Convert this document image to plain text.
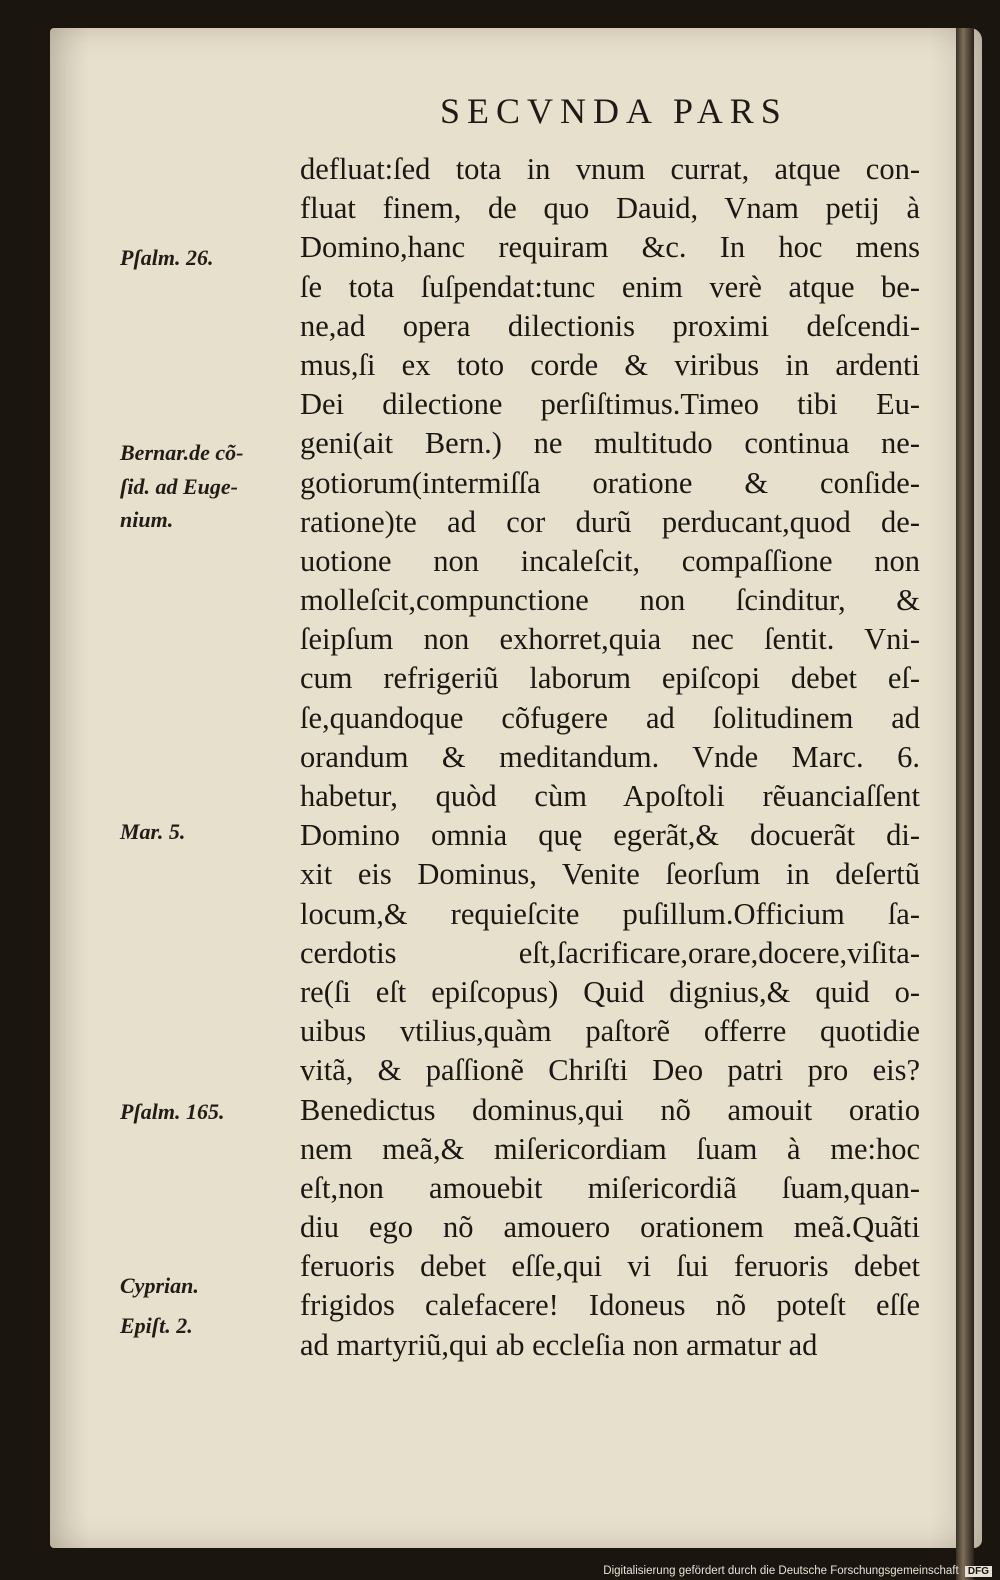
SECVNDA PARS
defluat:ſed tota in vnum currat, atque con-
fluat finem, de quo Dauid, Vnam petij à
Domino,hanc requiram &c. In hoc mens
ſe tota ſuſpendat:tunc enim verè atque be-
ne,ad opera dilectionis proximi deſcendi-
mus,ſi ex toto corde & viribus in ardenti
Dei dilectione perſiſtimus.Timeo tibi Eu-
geni(ait Bern.) ne multitudo continua ne-
gotiorum(intermiſſa oratione & conſide-
ratione)te ad cor durũ perducant,quod de-
uotione non incaleſcit, compaſſione non
molleſcit,compunctione non ſcinditur, &
ſeipſum non exhorret,quia nec ſentit. Vni-
cum refrigeriũ laborum epiſcopi debet eſ-
ſe,quandoque cõfugere ad ſolitudinem ad
orandum & meditandum. Vnde Marc. 6.
habetur, quòd cùm Apoſtoli rẽuanciaſſent
Domino omnia quę egerãt,& docuerãt di-
xit eis Dominus, Venite ſeorſum in deſertũ
locum,& requieſcite puſillum.Officium ſa-
cerdotis eſt,ſacrificare,orare,docere,viſita-
re(ſi eſt epiſcopus) Quid dignius,& quid o-
uibus vtilius,quàm paſtorẽ offerre quotidie
vitã, & paſſionẽ Chriſti Deo patri pro eis?
Benedictus dominus,qui nõ amouit oratio
nem meã,& miſericordiam ſuam à me:hoc
eſt,non amouebit miſericordiã ſuam,quan-
diu ego nõ amouero orationem meã.Quãti
feruoris debet eſſe,qui vi ſui feruoris debet
frigidos calefacere! Idoneus nõ poteſt eſſe
ad martyriũ,qui ab eccleſia non armatur ad
Pſalm. 26.
Bernar.de cõ-
ſid. ad Euge-
nium.
Mar. 5.
Pſalm. 165.
Cyprian.
Epiſt. 2.
Digitalisierung gefördert durch die Deutsche Forschungsgemeinschaft DFG
